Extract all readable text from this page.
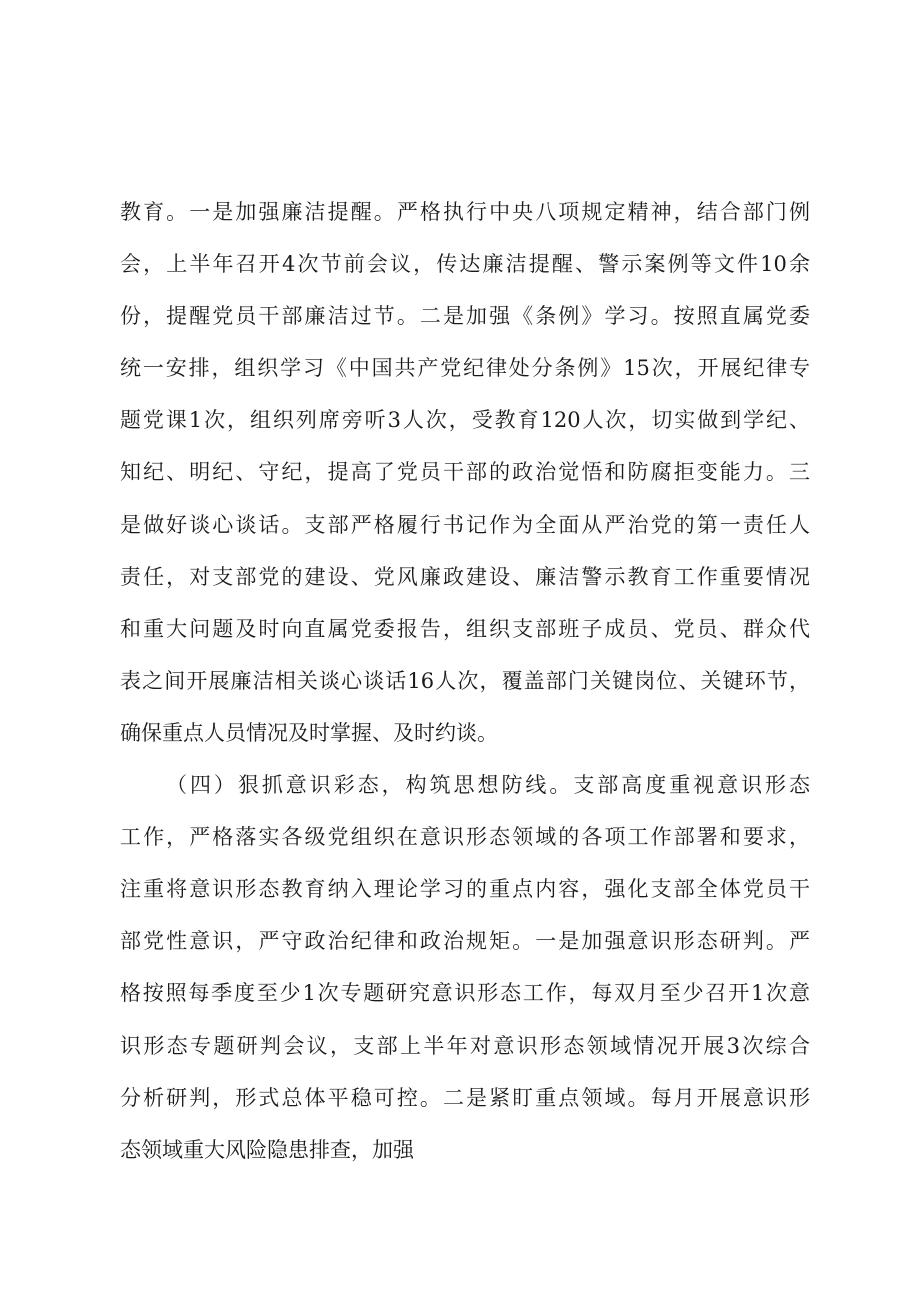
教育。一是加强廉洁提醒。严格执行中央八项规定精神，结合部门例
会，上半年召开4次节前会议，传达廉洁提醒、警示案例等文件10余
份，提醒党员干部廉洁过节。二是加强《条例》学习。按照直属党委
统一安排，组织学习《中国共产党纪律处分条例》15次，开展纪律专
题党课1次，组织列席旁听3人次，受教育120人次，切实做到学纪、
知纪、明纪、守纪，提高了党员干部的政治觉悟和防腐拒变能力。三
是做好谈心谈话。支部严格履行书记作为全面从严治党的第一责任人
责任，对支部党的建设、党风廉政建设、廉洁警示教育工作重要情况
和重大问题及时向直属党委报告，组织支部班子成员、党员、群众代
表之间开展廉洁相关谈心谈话16人次，覆盖部门关键岗位、关键环节，
确保重点人员情况及时掌握、及时约谈。
（四）狠抓意识彩态，构筑思想防线。支部高度重视意识形态
工作，严格落实各级党组织在意识形态领域的各项工作部署和要求，
注重将意识形态教育纳入理论学习的重点内容，强化支部全体党员干
部党性意识，严守政治纪律和政治规矩。一是加强意识形态研判。严
格按照每季度至少1次专题研究意识形态工作，每双月至少召开1次意
识形态专题研判会议，支部上半年对意识形态领域情况开展3次综合
分析研判，形式总体平稳可控。二是紧盯重点领域。每月开展意识形
态领域重大风险隐患排查，加强
